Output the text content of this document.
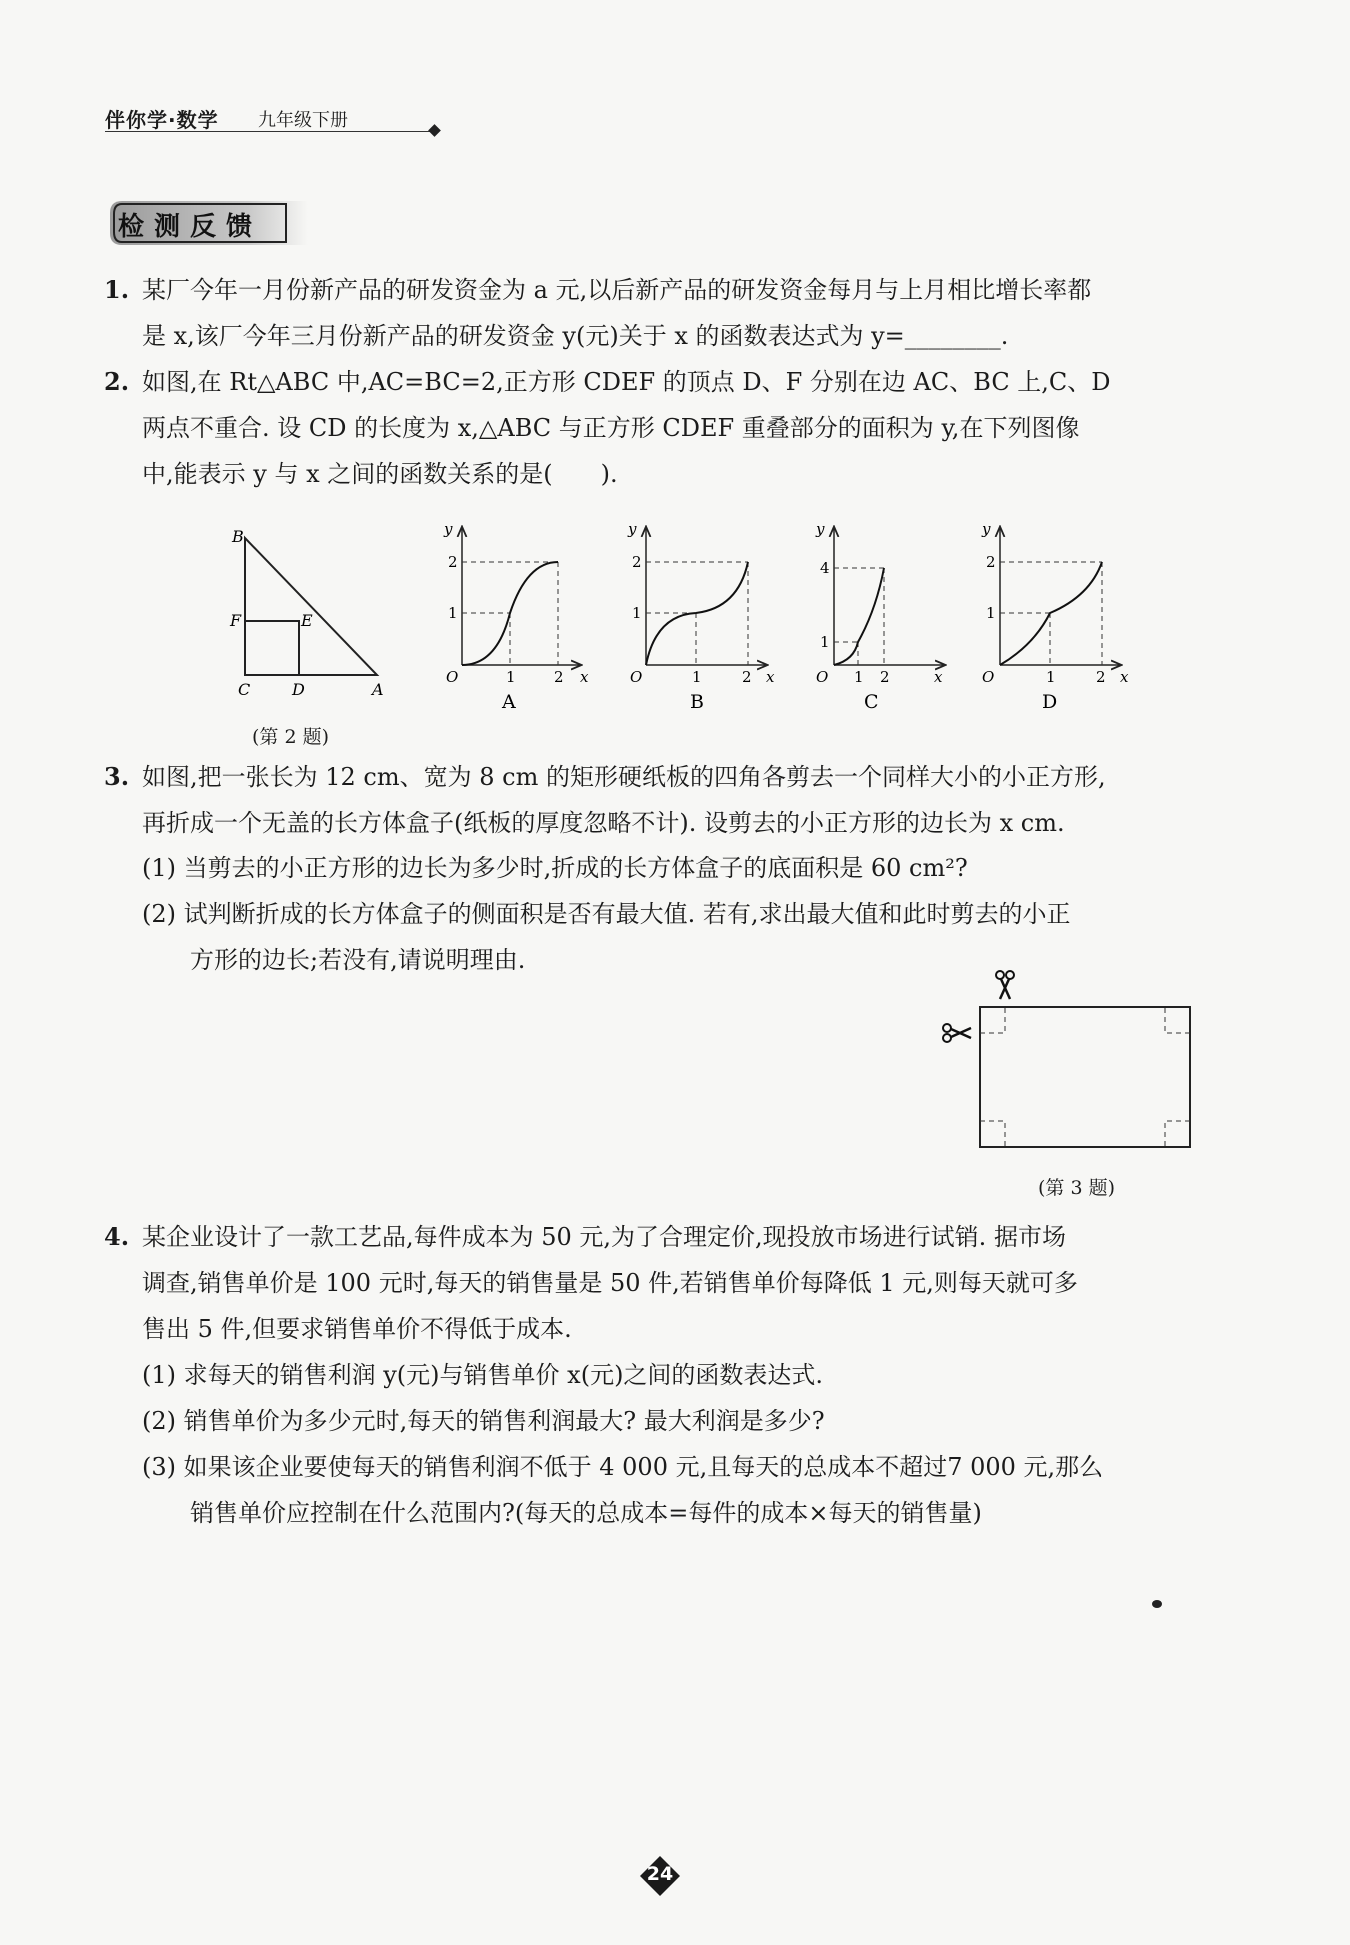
伴你学·数学 九年级下册
检测反馈
1. 某厂今年一月份新产品的研发资金为 a 元,以后新产品的研发资金每月与上月相比增长率都
是 x,该厂今年三月份新产品的研发资金 y(元)关于 x 的函数表达式为 y=________.
2. 如图,在 Rt△ABC 中,AC=BC=2,正方形 CDEF 的顶点 D、F 分别在边 AC、BC 上,C、D
两点不重合. 设 CD 的长度为 x,△ABC 与正方形 CDEF 重叠部分的面积为 y,在下列图像
中,能表示 y 与 x 之间的函数关系的是(　　).
B
F	E
C	D	A
y
x
O
2
1
1	2
A
y
x
O
2
1
1	2
B
y
x
O
4
1
1 2
C
y
x
O
2
1
1	2
D
(第 2 题)
3. 如图,把一张长为 12 cm、宽为 8 cm 的矩形硬纸板的四角各剪去一个同样大小的小正方形,
再折成一个无盖的长方体盒子(纸板的厚度忽略不计). 设剪去的小正方形的边长为 x cm.
(1) 当剪去的小正方形的边长为多少时,折成的长方体盒子的底面积是 60 cm²?
(2) 试判断折成的长方体盒子的侧面积是否有最大值. 若有,求出最大值和此时剪去的小正
方形的边长;若没有,请说明理由.
(第 3 题)
4. 某企业设计了一款工艺品,每件成本为 50 元,为了合理定价,现投放市场进行试销. 据市场
调查,销售单价是 100 元时,每天的销售量是 50 件,若销售单价每降低 1 元,则每天就可多
售出 5 件,但要求销售单价不得低于成本.
(1) 求每天的销售利润 y(元)与销售单价 x(元)之间的函数表达式.
(2) 销售单价为多少元时,每天的销售利润最大? 最大利润是多少?
(3) 如果该企业要使每天的销售利润不低于 4 000 元,且每天的总成本不超过7 000 元,那么
销售单价应控制在什么范围内?(每天的总成本=每件的成本×每天的销售量)
24
